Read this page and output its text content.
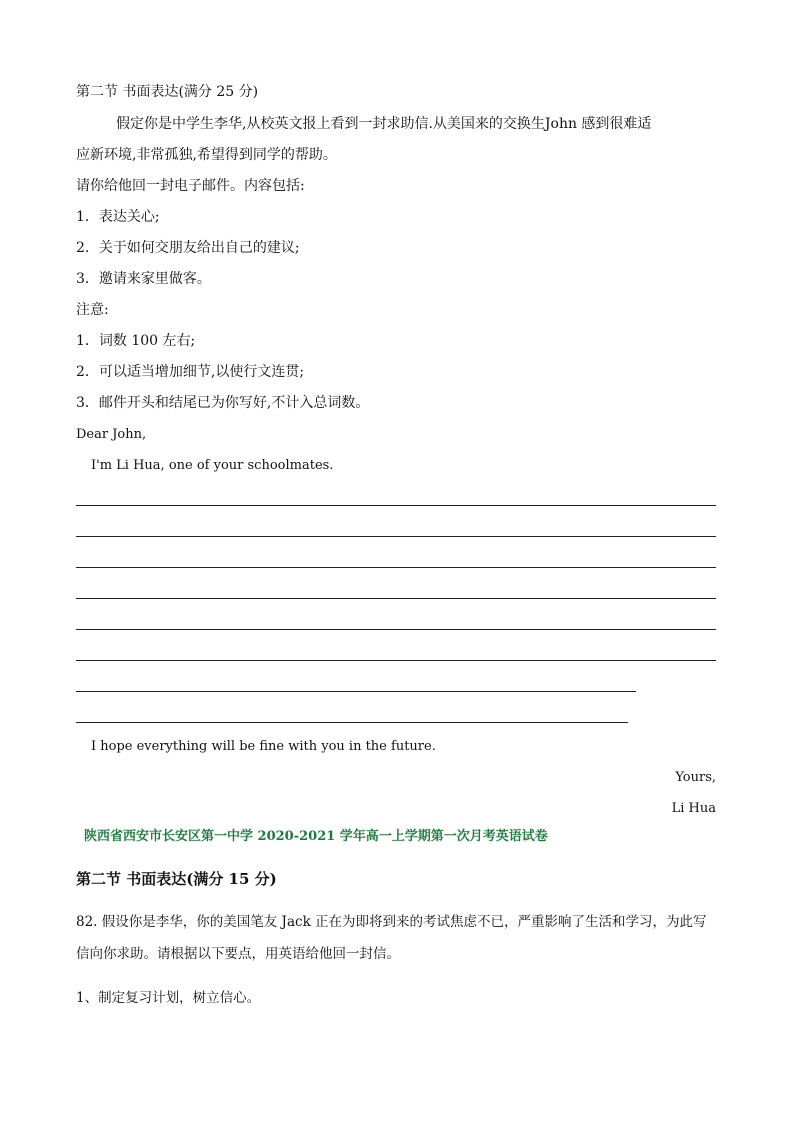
第二节 书面表达(满分 25 分)
假定你是中学生李华,从校英文报上看到一封求助信.从美国来的交换生John 感到很难适
应新环境,非常孤独,希望得到同学的帮助。
请你给他回一封电子邮件。内容包括:
1．表达关心;
2．关于如何交朋友给出自己的建议;
3．邀请来家里做客。
注意:
1．词数 100 左右;
2．可以适当增加细节,以使行文连贯;
3．邮件开头和结尾已为你写好,不计入总词数。
Dear John,
I'm Li Hua, one of your schoolmates.
I hope everything will be fine with you in the future.
Yours,
Li Hua
陕西省西安市长安区第一中学 2020-2021 学年高一上学期第一次月考英语试卷
第二节 书面表达(满分 15 分)
82. 假设你是李华，你的美国笔友 Jack 正在为即将到来的考试焦虑不已，严重影响了生活和学习，为此写
信向你求助。请根据以下要点，用英语给他回一封信。
1、制定复习计划，树立信心。
